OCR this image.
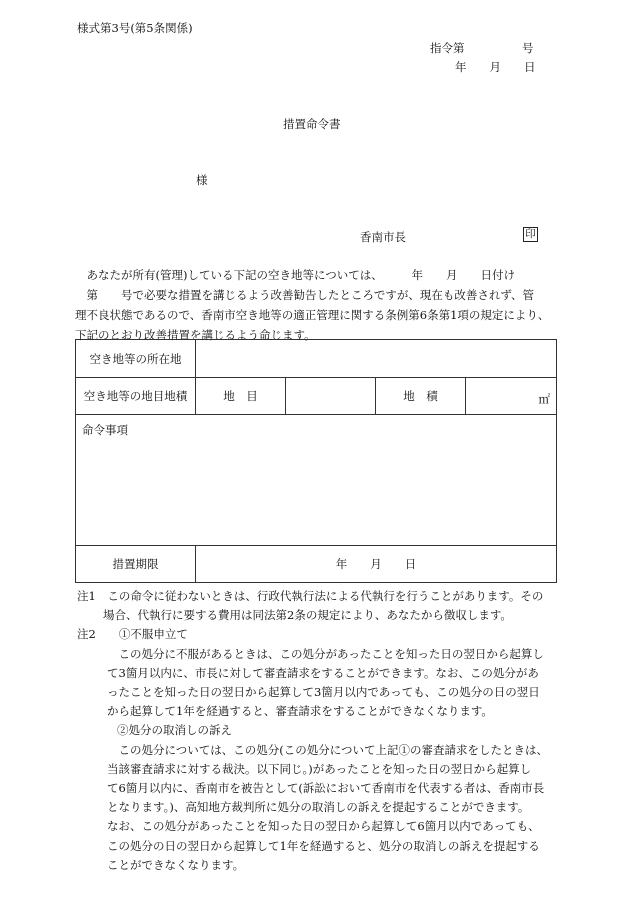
様式第3号(第5条関係)
指令第　　　　　号
年　　月　　日
措置命令書
様
香南市長	印

　あなたが所有(管理)している下記の空き地等については、　　　年　　月　　日付け

　第　　号で必要な措置を講じるよう改善勧告したところですが、現在も改善されず、管

理不良状態であるので、香南市空き地等の適正管理に関する条例第6条第1項の規定により、

下記のとおり改善措置を講じるよう命じます。

空き地等の所在地				
空き地等の地目地積	地　目		地　積	㎡

命令事項				

措置期限	年　　月　　日			

注1　この命令に従わないときは、行政代執行法による代執行を行うことがあります。その

場合、代執行に要する費用は同法第2条の規定により、あなたから徴収します。

注2　　①不服申立て

　この処分に不服があるときは、この処分があったことを知った日の翌日から起算し

て3箇月以内に、市長に対して審査請求をすることができます。なお、この処分があ

ったことを知った日の翌日から起算して3箇月以内であっても、この処分の日の翌日

から起算して1年を経過すると、審査請求をすることができなくなります。

②処分の取消しの訴え

　この処分については、この処分(この処分について上記①の審査請求をしたときは、

当該審査請求に対する裁決。以下同じ。)があったことを知った日の翌日から起算し

て6箇月以内に、香南市を被告として(訴訟において香南市を代表する者は、香南市長

となります。)、高知地方裁判所に処分の取消しの訴えを提起することができます。

なお、この処分があったことを知った日の翌日から起算して6箇月以内であっても、

この処分の日の翌日から起算して1年を経過すると、処分の取消しの訴えを提起する

ことができなくなります。
